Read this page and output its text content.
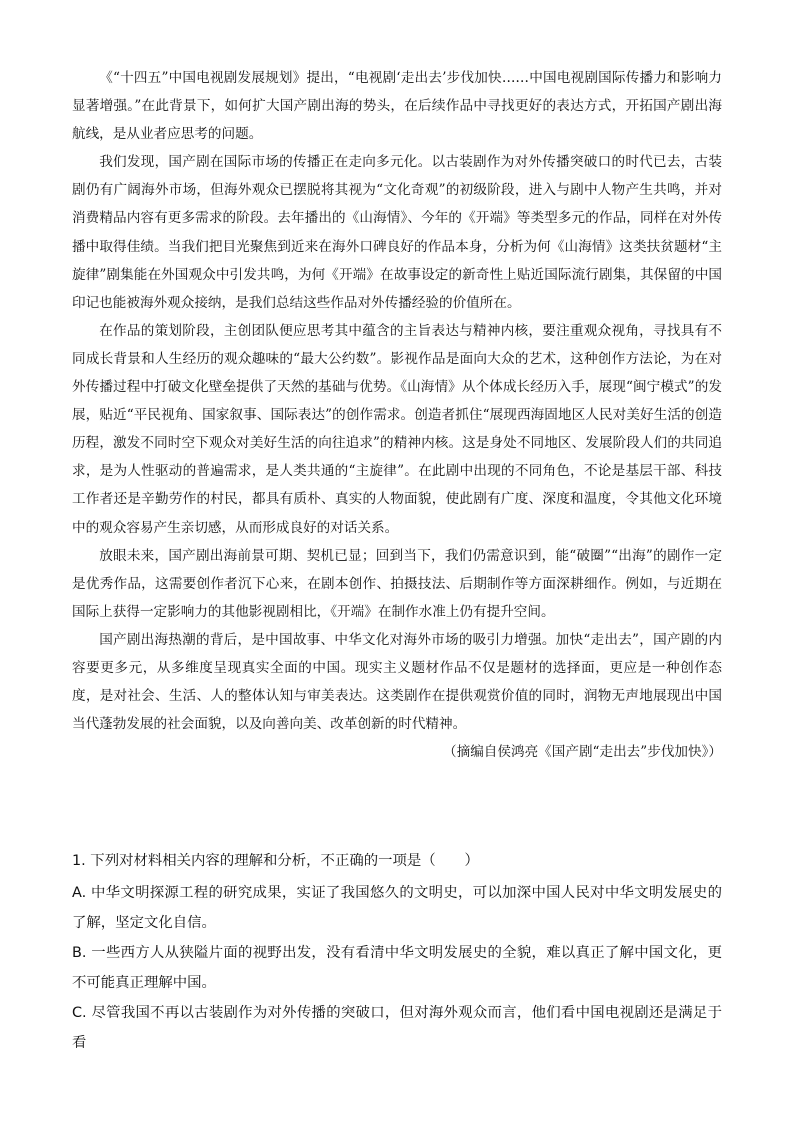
《“十四五”中国电视剧发展规划》提出，“电视剧‘走出去’步伐加快……中国电视剧国际传播力和影响力显著增强。”在此背景下，如何扩大国产剧出海的势头，在后续作品中寻找更好的表达方式，开拓国产剧出海航线，是从业者应思考的问题。

我们发现，国产剧在国际市场的传播正在走向多元化。以古装剧作为对外传播突破口的时代已去，古装剧仍有广阔海外市场，但海外观众已摆脱将其视为“文化奇观”的初级阶段，进入与剧中人物产生共鸣，并对消费精品内容有更多需求的阶段。去年播出的《山海情》、今年的《开端》等类型多元的作品，同样在对外传播中取得佳绩。当我们把目光聚焦到近来在海外口碑良好的作品本身，分析为何《山海情》这类扶贫题材“主旋律”剧集能在外国观众中引发共鸣，为何《开端》在故事设定的新奇性上贴近国际流行剧集，其保留的中国印记也能被海外观众接纳，是我们总结这些作品对外传播经验的价值所在。

在作品的策划阶段，主创团队便应思考其中蕴含的主旨表达与精神内核，要注重观众视角，寻找具有不同成长背景和人生经历的观众趣味的“最大公约数”。影视作品是面向大众的艺术，这种创作方法论，为在对外传播过程中打破文化壁垒提供了天然的基础与优势。《山海情》从个体成长经历入手，展现“闽宁模式”的发展，贴近“平民视角、国家叙事、国际表达”的创作需求。创造者抓住“展现西海固地区人民对美好生活的创造历程，激发不同时空下观众对美好生活的向往追求”的精神内核。这是身处不同地区、发展阶段人们的共同追求，是为人性驱动的普遍需求，是人类共通的“主旋律”。在此剧中出现的不同角色，不论是基层干部、科技工作者还是辛勤劳作的村民，都具有质朴、真实的人物面貌，使此剧有广度、深度和温度，令其他文化环境中的观众容易产生亲切感，从而形成良好的对话关系。

放眼未来，国产剧出海前景可期、契机已显；回到当下，我们仍需意识到，能“破圈”“出海”的剧作一定是优秀作品，这需要创作者沉下心来，在剧本创作、拍摄技法、后期制作等方面深耕细作。例如，与近期在国际上获得一定影响力的其他影视剧相比，《开端》在制作水准上仍有提升空间。

国产剧出海热潮的背后，是中国故事、中华文化对海外市场的吸引力增强。加快“走出去”，国产剧的内容要更多元，从多维度呈现真实全面的中国。现实主义题材作品不仅是题材的选择面，更应是一种创作态度，是对社会、生活、人的整体认知与审美表达。这类剧作在提供观赏价值的同时，润物无声地展现出中国当代蓬勃发展的社会面貌，以及向善向美、改革创新的时代精神。

（摘编自侯鸿亮《国产剧“走出去”步伐加快》）

1. 下列对材料相关内容的理解和分析，不正确的一项是（　　）

A. 中华文明探源工程的研究成果，实证了我国悠久的文明史，可以加深中国人民对中华文明发展史的了解，坚定文化自信。

B. 一些西方人从狭隘片面的视野出发，没有看清中华文明发展史的全貌，难以真正了解中国文化，更不可能真正理解中国。

C. 尽管我国不再以古装剧作为对外传播的突破口，但对海外观众而言，他们看中国电视剧还是满足于看
